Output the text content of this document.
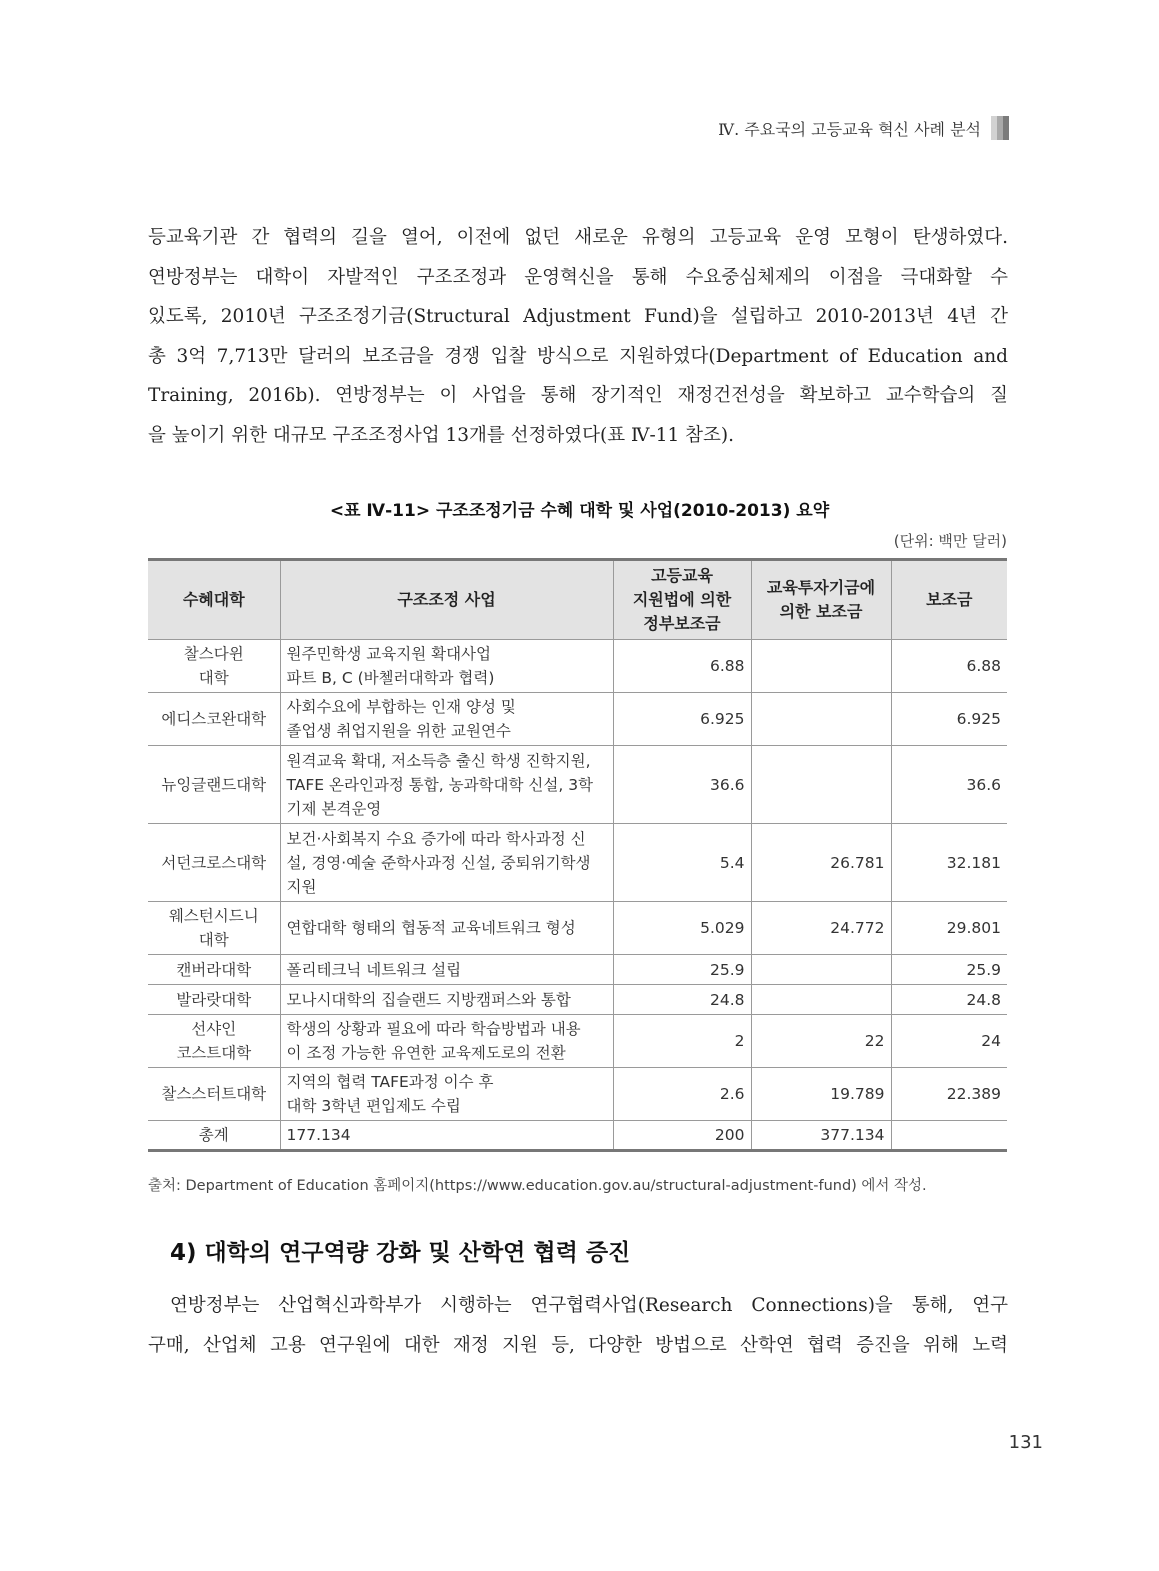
Ⅳ. 주요국의 고등교육 혁신 사례 분석
등교육기관 간 협력의 길을 열어, 이전에 없던 새로운 유형의 고등교육 운영 모형이 탄생하였다.
연방정부는 대학이 자발적인 구조조정과 운영혁신을 통해 수요중심체제의 이점을 극대화할 수
있도록, 2010년 구조조정기금(Structural Adjustment Fund)을 설립하고 2010-2013년 4년 간
총 3억 7,713만 달러의 보조금을 경쟁 입찰 방식으로 지원하였다(Department of Education and
Training, 2016b). 연방정부는 이 사업을 통해 장기적인 재정건전성을 확보하고 교수학습의 질
을 높이기 위한 대규모 구조조정사업 13개를 선정하였다(표 Ⅳ-11 참조).
<표 Ⅳ-11> 구조조정기금 수혜 대학 및 사업(2010-2013) 요약
(단위: 백만 달러)
수혜대학	구조조정 사업	고등교육
지원법에 의한
정부보조금	교육투자기금에
의한 보조금	보조금
찰스다윈
대학	원주민학생 교육지원 확대사업
파트 B, C (바첼러대학과 협력)	6.88		6.88
에디스코완대학	사회수요에 부합하는 인재 양성 및
졸업생 취업지원을 위한 교원연수	6.925		6.925
뉴잉글랜드대학	원격교육 확대, 저소득층 출신 학생 진학지원,
TAFE 온라인과정 통합, 농과학대학 신설, 3학
기제 본격운영	36.6		36.6
서던크로스대학	보건·사회복지 수요 증가에 따라 학사과정 신
설, 경영·예술 준학사과정 신설, 중퇴위기학생
지원	5.4	26.781	32.181
웨스턴시드니
대학	연합대학 형태의 협동적 교육네트워크 형성	5.029	24.772	29.801
캔버라대학	폴리테크닉 네트워크 설립	25.9		25.9
발라랏대학	모나시대학의 집슬랜드 지방캠퍼스와 통합	24.8		24.8
선샤인
코스트대학	학생의 상황과 필요에 따라 학습방법과 내용
이 조정 가능한 유연한 교육제도로의 전환	2	22	24
찰스스터트대학	지역의 협력 TAFE과정 이수 후
대학 3학년 편입제도 수립	2.6	19.789	22.389
총계	177.134	200	377.134	
출처: Department of Education 홈페이지(https://www.education.gov.au/structural-adjustment-fund) 에서 작성.
4) 대학의 연구역량 강화 및 산학연 협력 증진
연방정부는 산업혁신과학부가 시행하는 연구협력사업(Research Connections)을 통해, 연구
구매, 산업체 고용 연구원에 대한 재정 지원 등, 다양한 방법으로 산학연 협력 증진을 위해 노력
131
